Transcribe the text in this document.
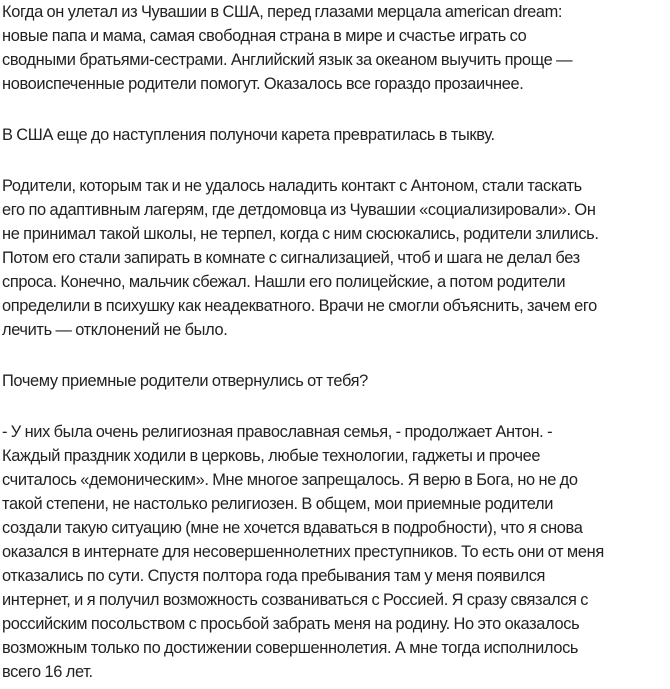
Когда он улетал из Чувашии в США, перед глазами мерцала american dream:
новые папа и мама, самая свободная страна в мире и счастье играть со
сводными братьями-сестрами. Английский язык за океаном выучить проще —
новоиспеченные родители помогут. Оказалось все гораздо прозаичнее.

В США еще до наступления полуночи карета превратилась в тыкву.

Родители, которым так и не удалось наладить контакт с Антоном, стали таскать
его по адаптивным лагерям, где детдомовца из Чувашии «социализировали». Он
не принимал такой школы, не терпел, когда с ним сюсюкались, родители злились.
Потом его стали запирать в комнате с сигнализацией, чтоб и шага не делал без
спроса. Конечно, мальчик сбежал. Нашли его полицейские, а потом родители
определили в психушку как неадекватного. Врачи не смогли объяснить, зачем его
лечить — отклонений не было.

Почему приемные родители отвернулись от тебя?

- У них была очень религиозная православная семья, - продолжает Антон. -
Каждый праздник ходили в церковь, любые технологии, гаджеты и прочее
считалось «демоническим». Мне многое запрещалось. Я верю в Бога, но не до
такой степени, не настолько религиозен. В общем, мои приемные родители
создали такую ситуацию (мне не хочется вдаваться в подробности), что я снова
оказался в интернате для несовершеннолетних преступников. То есть они от меня
отказались по сути. Спустя полтора года пребывания там у меня появился
интернет, и я получил возможность созваниваться с Россией. Я сразу связался с
российским посольством с просьбой забрать меня на родину. Но это оказалось
возможным только по достижении совершеннолетия. А мне тогда исполнилось
всего 16 лет.
